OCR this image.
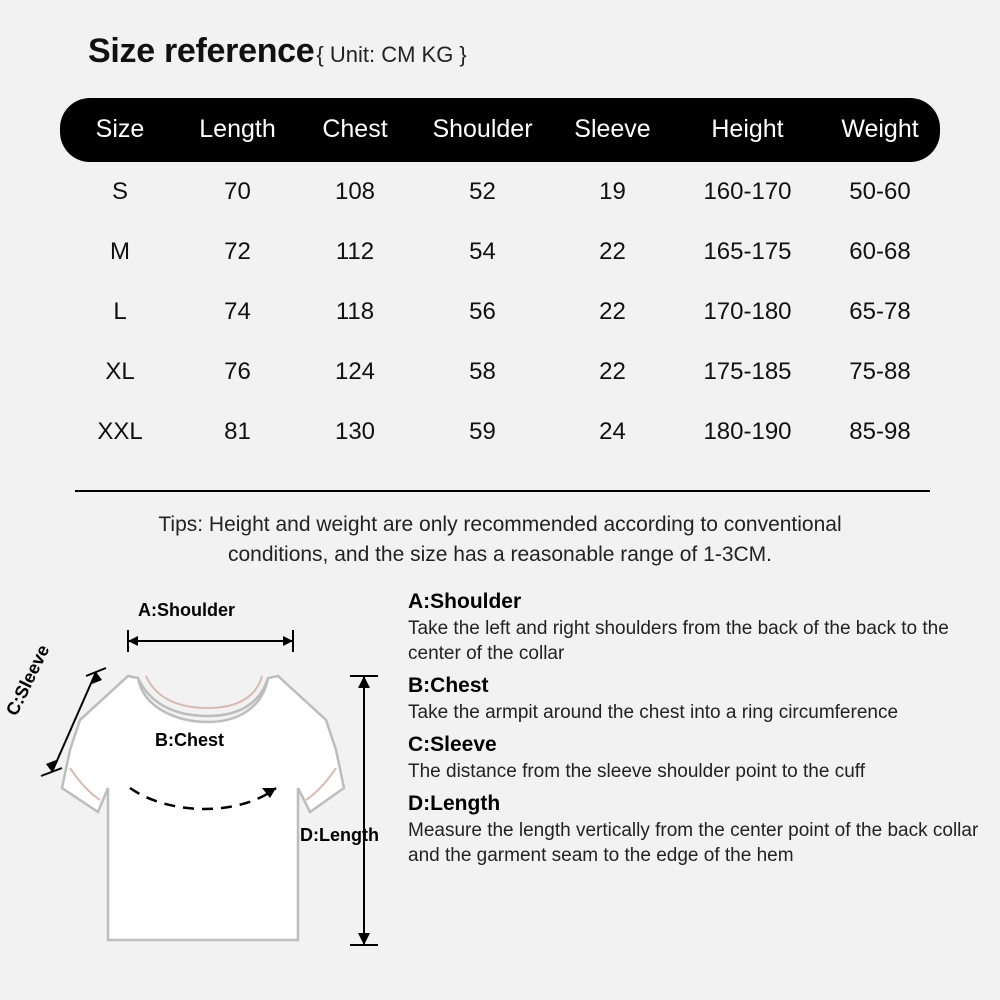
Size reference { Unit: CM KG }
Size	Length	Chest	Shoulder	Sleeve	Height	Weight
S	70	108	52	19	160-170	50-60
M	72	112	54	22	165-175	60-68
L	74	118	56	22	170-180	65-78
XL	76	124	58	22	175-185	75-88
XXL	81	130	59	24	180-190	85-98
Tips: Height and weight are only recommended according to conventional
conditions, and the size has a reasonable range of 1-3CM.
A:Shoulder
B:Chest
D:Length
C:Sleeve
A:Shoulder
Take the left and right shoulders from the back of the back to the center of the collar
B:Chest
Take the armpit around the chest into a ring circumference
C:Sleeve
The distance from the sleeve shoulder point to the cuff
D:Length
Measure the length vertically from the center point of the back collar and the garment seam to the edge of the hem
